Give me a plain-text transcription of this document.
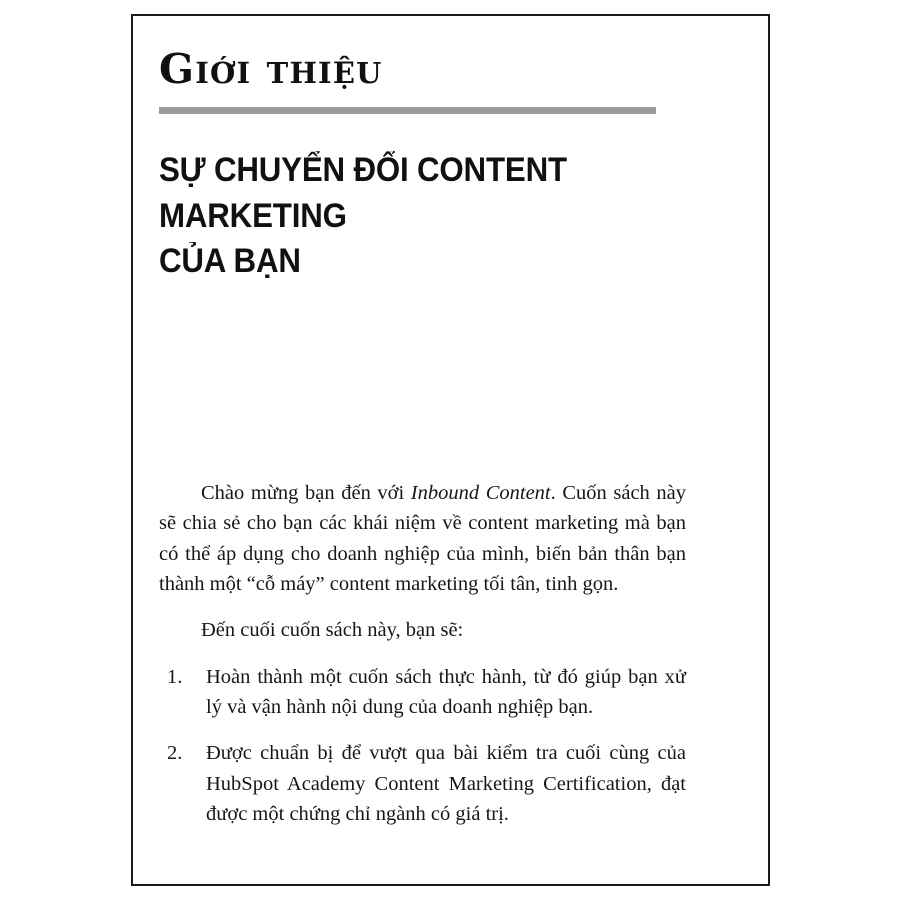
Giới thiệu
SỰ CHUYỂN ĐỔI CONTENT MARKETING
CỦA BẠN

Chào mừng bạn đến với Inbound Content. Cuốn sách này sẽ chia sẻ cho bạn các khái niệm về content marketing mà bạn có thể áp dụng cho doanh nghiệp của mình, biến bản thân bạn thành một “cỗ máy” content marketing tối tân, tinh gọn.

Đến cuối cuốn sách này, bạn sẽ:

1.	Hoàn thành một cuốn sách thực hành, từ đó giúp bạn xử lý và vận hành nội dung của doanh nghiệp bạn.
2.	Được chuẩn bị để vượt qua bài kiểm tra cuối cùng của HubSpot Academy Content Marketing Certification, đạt được một chứng chỉ ngành có giá trị.
